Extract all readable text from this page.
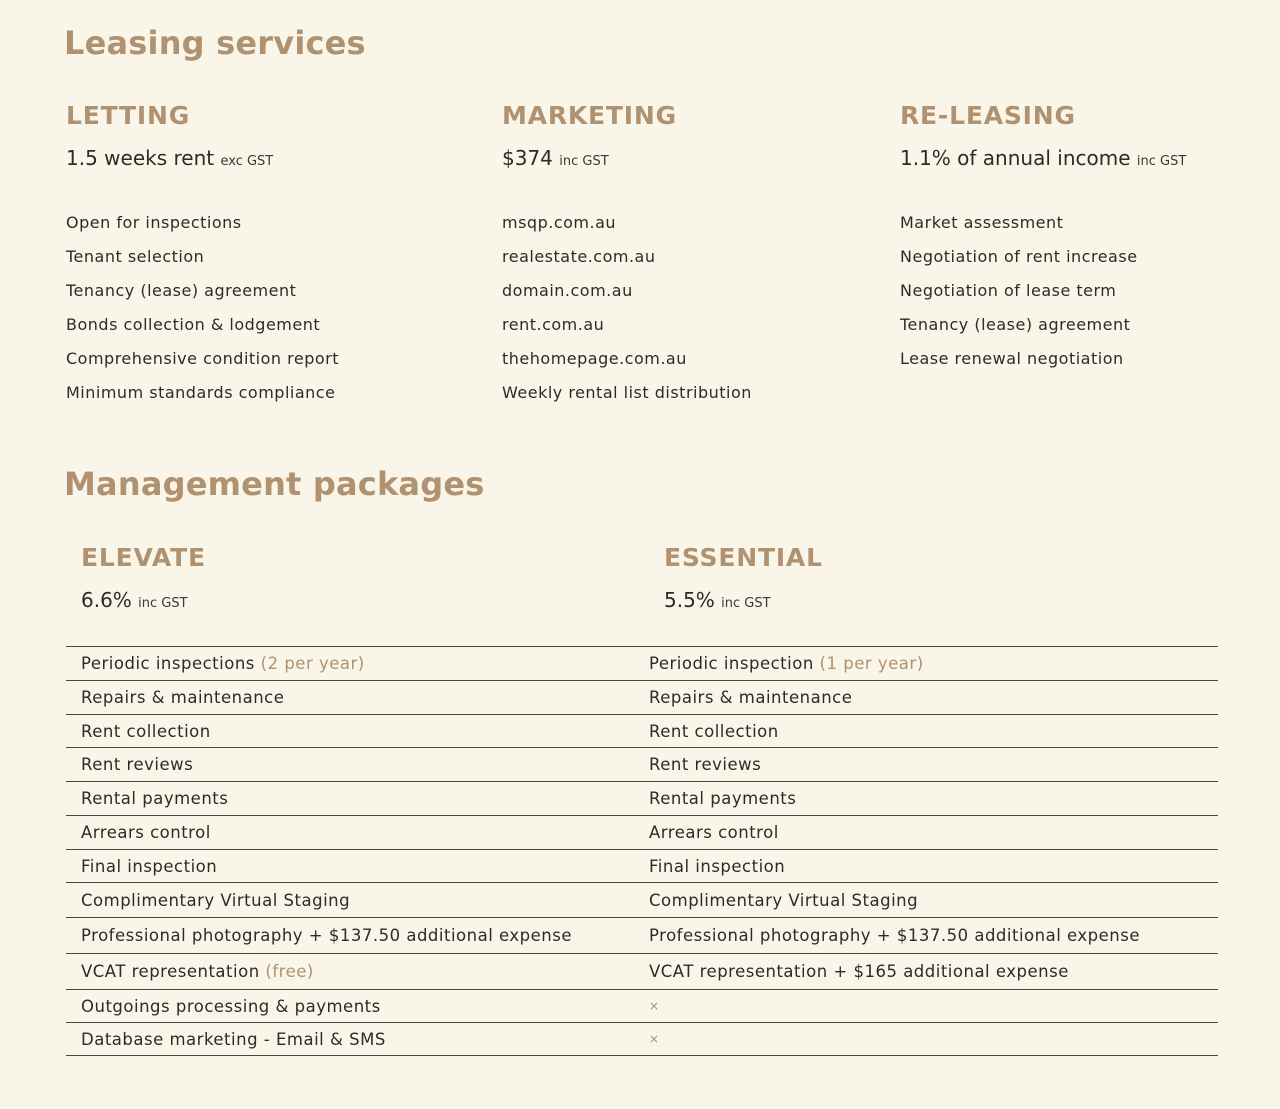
Leasing services
LETTING
1.5 weeks rent exc GST
Open for inspections
Tenant selection
Tenancy (lease) agreement
Bonds collection & lodgement
Comprehensive condition report
Minimum standards compliance
MARKETING
$374 inc GST
msqp.com.au
realestate.com.au
domain.com.au
rent.com.au
thehomepage.com.au
Weekly rental list distribution
RE-LEASING
1.1% of annual income inc GST
Market assessment
Negotiation of rent increase
Negotiation of lease term
Tenancy (lease) agreement
Lease renewal negotiation
Management packages
ELEVATE
6.6% inc GST
ESSENTIAL
5.5% inc GST
Periodic inspections (2 per year)	Periodic inspection (1 per year)
Repairs & maintenance	Repairs & maintenance
Rent collection	Rent collection
Rent reviews	Rent reviews
Rental payments	Rental payments
Arrears control	Arrears control
Final inspection	Final inspection
Complimentary Virtual Staging	Complimentary Virtual Staging
Professional photography + $137.50 additional expense	Professional photography + $137.50 additional expense
VCAT representation (free)	VCAT representation + $165 additional expense
Outgoings processing & payments	×
Database marketing - Email & SMS	×
